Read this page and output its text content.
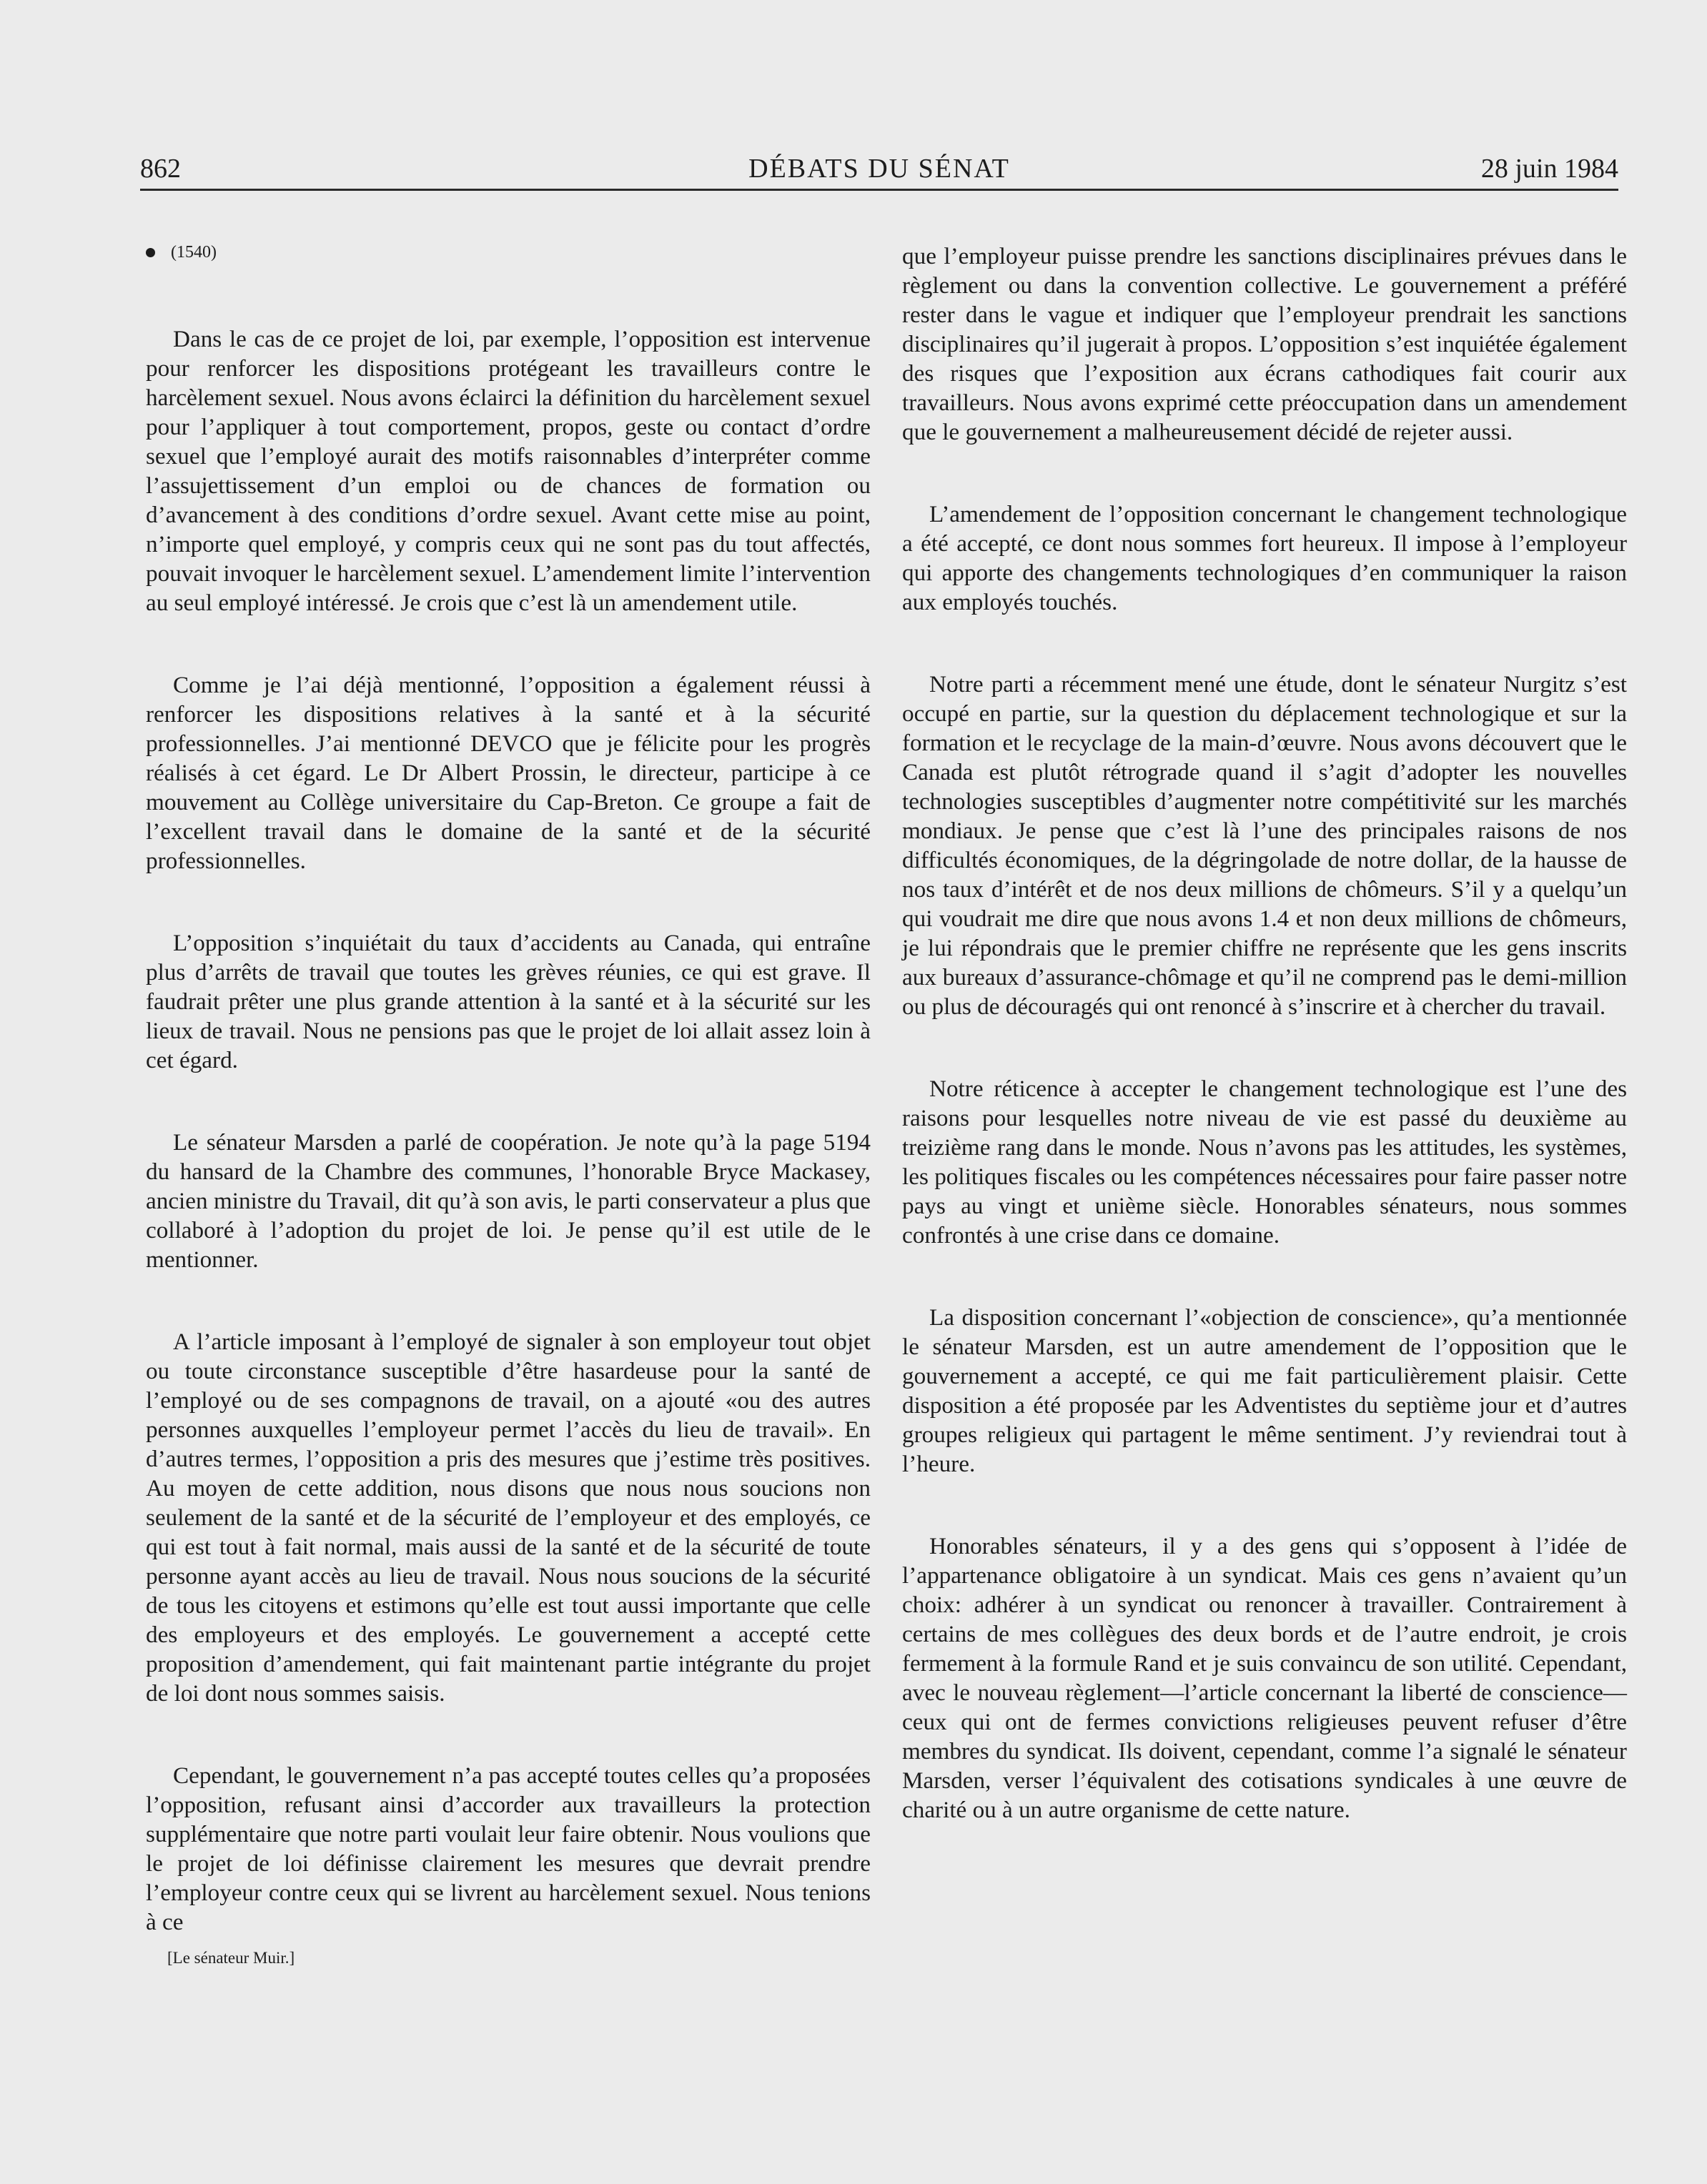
862	DÉBATS DU SÉNAT	28 juin 1984
(1540)

Dans le cas de ce projet de loi, par exemple, l’opposition est intervenue pour renforcer les dispositions protégeant les travailleurs contre le harcèlement sexuel. Nous avons éclairci la définition du harcèlement sexuel pour l’appliquer à tout comportement, propos, geste ou contact d’ordre sexuel que l’employé aurait des motifs raisonnables d’interpréter comme l’assujettissement d’un emploi ou de chances de formation ou d’avancement à des conditions d’ordre sexuel. Avant cette mise au point, n’importe quel employé, y compris ceux qui ne sont pas du tout affectés, pouvait invoquer le harcèlement sexuel. L’amendement limite l’intervention au seul employé intéressé. Je crois que c’est là un amendement utile.

Comme je l’ai déjà mentionné, l’opposition a également réussi à renforcer les dispositions relatives à la santé et à la sécurité professionnelles. J’ai mentionné DEVCO que je félicite pour les progrès réalisés à cet égard. Le Dr Albert Prossin, le directeur, participe à ce mouvement au Collège universitaire du Cap-Breton. Ce groupe a fait de l’excellent travail dans le domaine de la santé et de la sécurité professionnelles.

L’opposition s’inquiétait du taux d’accidents au Canada, qui entraîne plus d’arrêts de travail que toutes les grèves réunies, ce qui est grave. Il faudrait prêter une plus grande attention à la santé et à la sécurité sur les lieux de travail. Nous ne pensions pas que le projet de loi allait assez loin à cet égard.

Le sénateur Marsden a parlé de coopération. Je note qu’à la page 5194 du hansard de la Chambre des communes, l’honorable Bryce Mackasey, ancien ministre du Travail, dit qu’à son avis, le parti conservateur a plus que collaboré à l’adoption du projet de loi. Je pense qu’il est utile de le mentionner.

A l’article imposant à l’employé de signaler à son employeur tout objet ou toute circonstance susceptible d’être hasardeuse pour la santé de l’employé ou de ses compagnons de travail, on a ajouté «ou des autres personnes auxquelles l’employeur permet l’accès du lieu de travail». En d’autres termes, l’opposition a pris des mesures que j’estime très positives. Au moyen de cette addition, nous disons que nous nous soucions non seulement de la santé et de la sécurité de l’employeur et des employés, ce qui est tout à fait normal, mais aussi de la santé et de la sécurité de toute personne ayant accès au lieu de travail. Nous nous soucions de la sécurité de tous les citoyens et estimons qu’elle est tout aussi importante que celle des employeurs et des employés. Le gouvernement a accepté cette proposition d’amendement, qui fait maintenant partie intégrante du projet de loi dont nous sommes saisis.

Cependant, le gouvernement n’a pas accepté toutes celles qu’a proposées l’opposition, refusant ainsi d’accorder aux travailleurs la protection supplémentaire que notre parti voulait leur faire obtenir. Nous voulions que le projet de loi définisse clairement les mesures que devrait prendre l’employeur contre ceux qui se livrent au harcèlement sexuel. Nous tenions à ce

[Le sénateur Muir.]

que l’employeur puisse prendre les sanctions disciplinaires prévues dans le règlement ou dans la convention collective. Le gouvernement a préféré rester dans le vague et indiquer que l’employeur prendrait les sanctions disciplinaires qu’il jugerait à propos. L’opposition s’est inquiétée également des risques que l’exposition aux écrans cathodiques fait courir aux travailleurs. Nous avons exprimé cette préoccupation dans un amendement que le gouvernement a malheureusement décidé de rejeter aussi.

L’amendement de l’opposition concernant le changement technologique a été accepté, ce dont nous sommes fort heureux. Il impose à l’employeur qui apporte des changements technologiques d’en communiquer la raison aux employés touchés.

Notre parti a récemment mené une étude, dont le sénateur Nurgitz s’est occupé en partie, sur la question du déplacement technologique et sur la formation et le recyclage de la main-d’œuvre. Nous avons découvert que le Canada est plutôt rétrograde quand il s’agit d’adopter les nouvelles technologies susceptibles d’augmenter notre compétitivité sur les marchés mondiaux. Je pense que c’est là l’une des principales raisons de nos difficultés économiques, de la dégringolade de notre dollar, de la hausse de nos taux d’intérêt et de nos deux millions de chômeurs. S’il y a quelqu’un qui voudrait me dire que nous avons 1.4 et non deux millions de chômeurs, je lui répondrais que le premier chiffre ne représente que les gens inscrits aux bureaux d’assurance-chômage et qu’il ne comprend pas le demi-million ou plus de découragés qui ont renoncé à s’inscrire et à chercher du travail.

Notre réticence à accepter le changement technologique est l’une des raisons pour lesquelles notre niveau de vie est passé du deuxième au treizième rang dans le monde. Nous n’avons pas les attitudes, les systèmes, les politiques fiscales ou les compétences nécessaires pour faire passer notre pays au vingt et unième siècle. Honorables sénateurs, nous sommes confrontés à une crise dans ce domaine.

La disposition concernant l’«objection de conscience», qu’a mentionnée le sénateur Marsden, est un autre amendement de l’opposition que le gouvernement a accepté, ce qui me fait particulièrement plaisir. Cette disposition a été proposée par les Adventistes du septième jour et d’autres groupes religieux qui partagent le même sentiment. J’y reviendrai tout à l’heure.

Honorables sénateurs, il y a des gens qui s’opposent à l’idée de l’appartenance obligatoire à un syndicat. Mais ces gens n’avaient qu’un choix: adhérer à un syndicat ou renoncer à travailler. Contrairement à certains de mes collègues des deux bords et de l’autre endroit, je crois fermement à la formule Rand et je suis convaincu de son utilité. Cependant, avec le nouveau règlement—l’article concernant la liberté de conscience—ceux qui ont de fermes convictions religieuses peuvent refuser d’être membres du syndicat. Ils doivent, cependant, comme l’a signalé le sénateur Marsden, verser l’équivalent des cotisations syndicales à une œuvre de charité ou à un autre organisme de cette nature.
